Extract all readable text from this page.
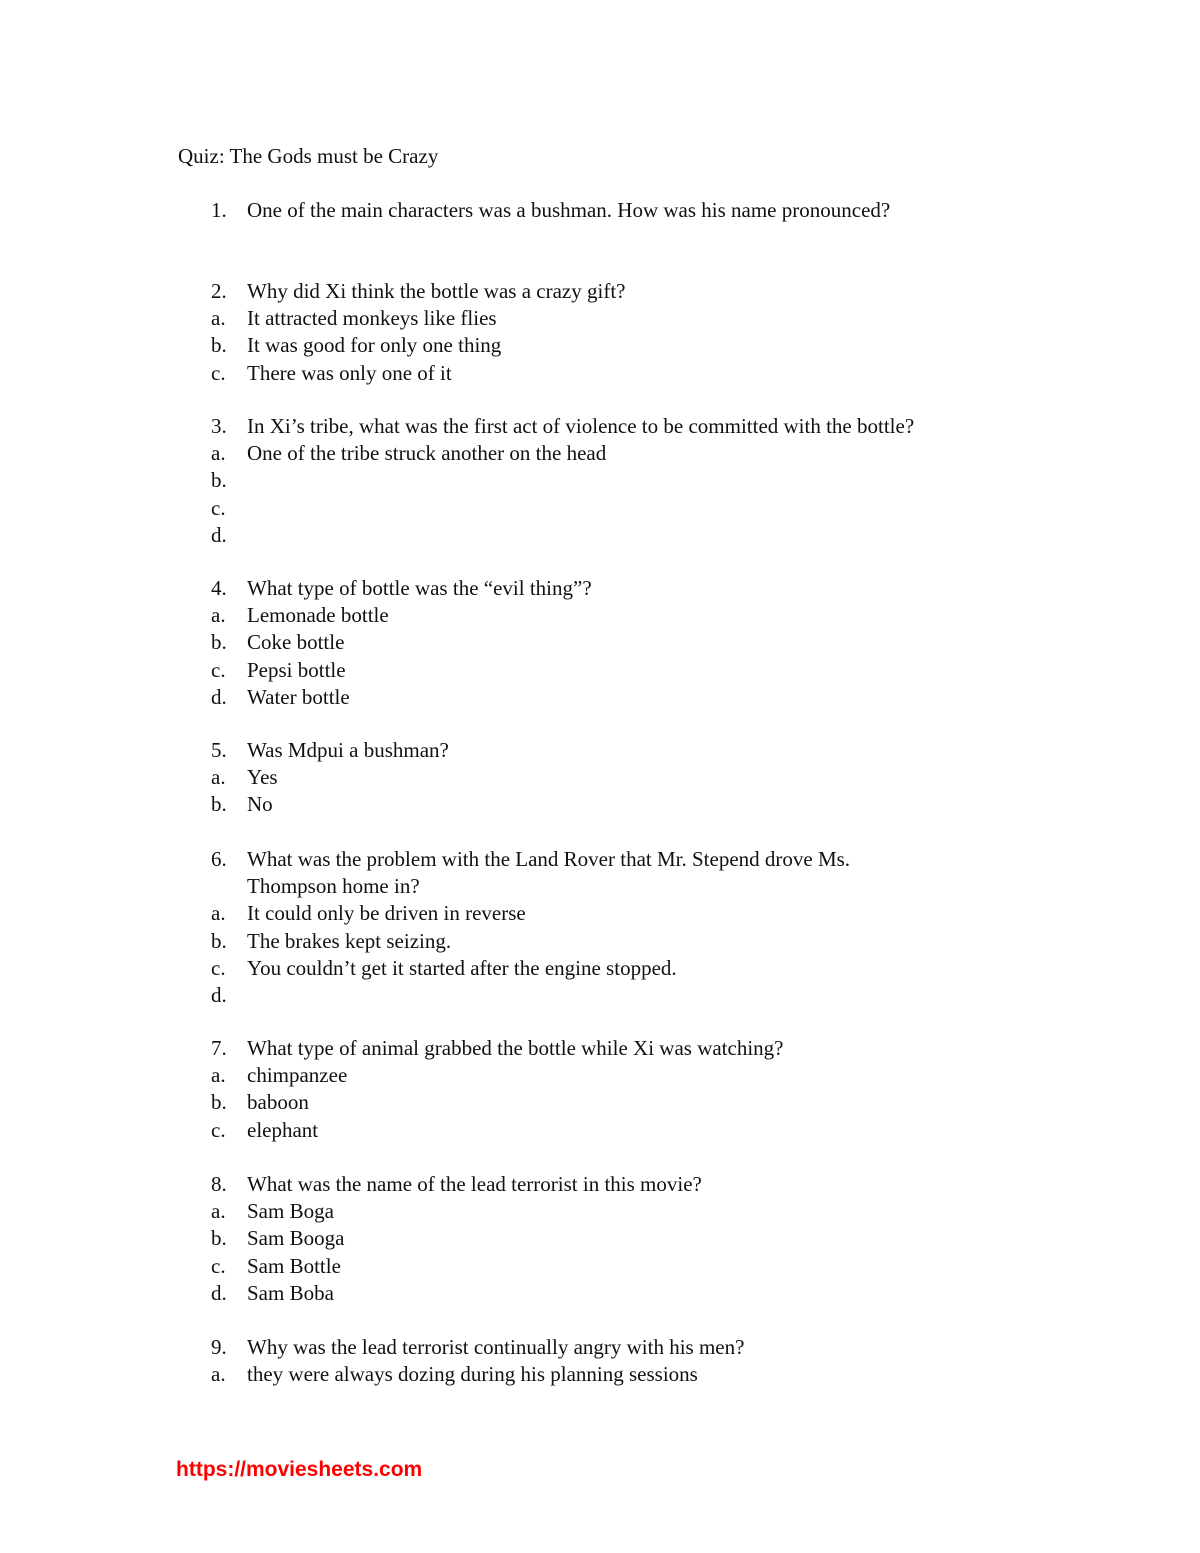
Quiz: The Gods must be Crazy
1. One of the main characters was a bushman. How was his name pronounced?
2. Why did Xi think the bottle was a crazy gift?
a. It attracted monkeys like flies
b. It was good for only one thing
c. There was only one of it
3. In Xi’s tribe, what was the first act of violence to be committed with the bottle?
a. One of the tribe struck another on the head
b.
c.
d.
4. What type of bottle was the “evil thing”?
a. Lemonade bottle
b. Coke bottle
c. Pepsi bottle
d. Water bottle
5. Was Mdpui a bushman?
a. Yes
b. No
6. What was the problem with the Land Rover that Mr. Stepend drove Ms.
Thompson home in?
a. It could only be driven in reverse
b. The brakes kept seizing.
c. You couldn’t get it started after the engine stopped.
d.
7. What type of animal grabbed the bottle while Xi was watching?
a. chimpanzee
b. baboon
c. elephant
8. What was the name of the lead terrorist in this movie?
a. Sam Boga
b. Sam Booga
c. Sam Bottle
d. Sam Boba
9. Why was the lead terrorist continually angry with his men?
a. they were always dozing during his planning sessions
https://moviesheets.com
